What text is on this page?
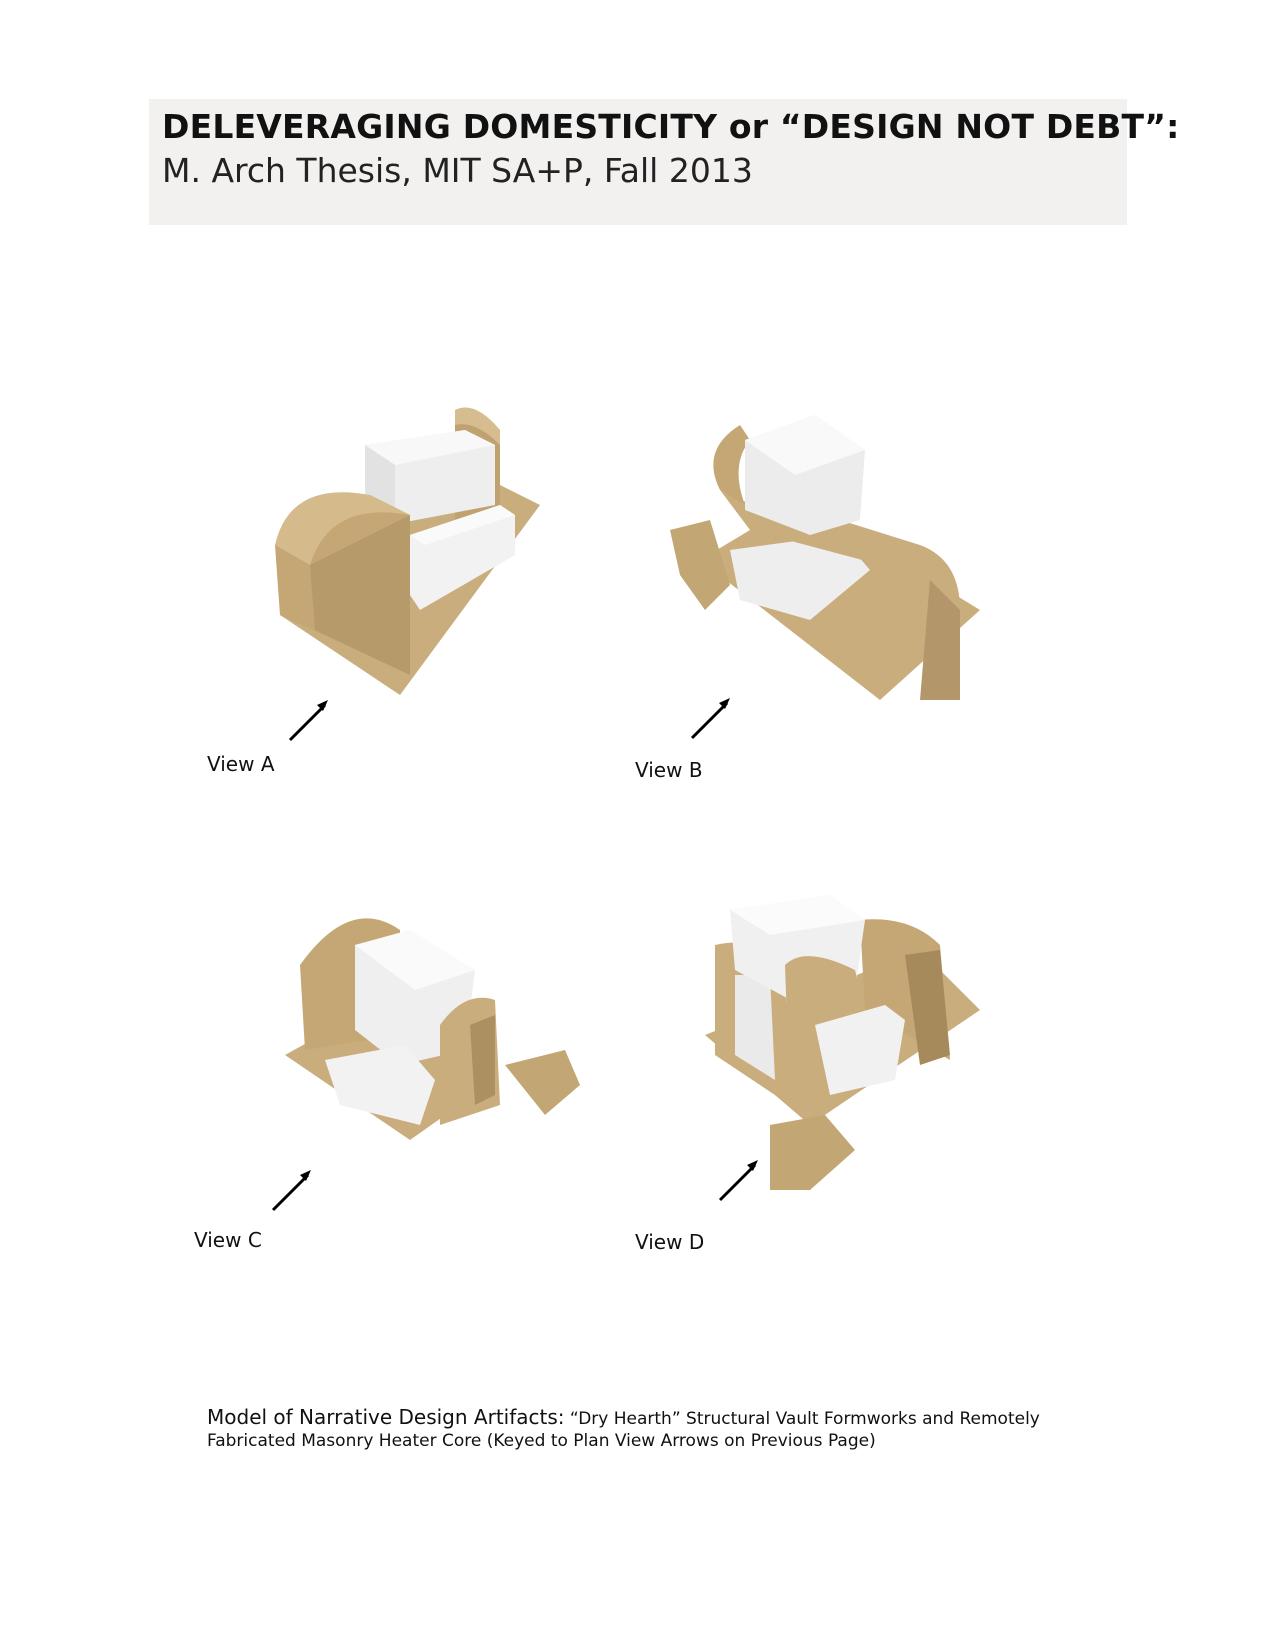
DELEVERAGING DOMESTICITY or “DESIGN NOT DEBT”:
M. Arch Thesis, MIT SA+P, Fall 2013
View A	View B
View C	View D
Model of Narrative Design Artifacts: “Dry Hearth” Structural Vault Formworks and Remotely
Fabricated Masonry Heater Core (Keyed to Plan View Arrows on Previous Page)
